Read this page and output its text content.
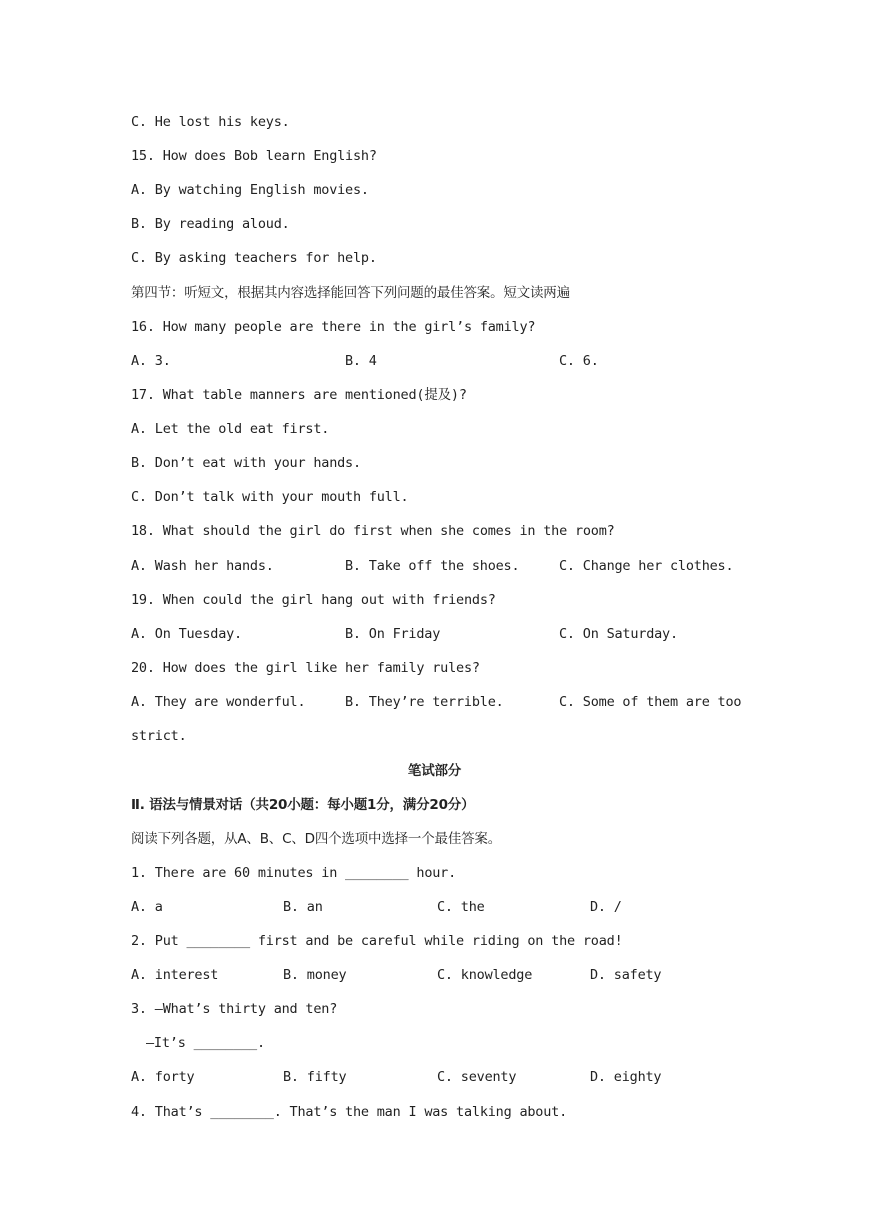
C. He lost his keys.
15. How does Bob learn English?
A. By watching English movies.
B. By reading aloud.
C. By asking teachers for help.
第四节：听短文，根据其内容选择能回答下列问题的最佳答案。短文读两遍
16. How many people are there in the girl’s family?
A. 3.	B. 4	C. 6.
17. What table manners are mentioned(提及)?
A. Let the old eat first.
B. Don’t eat with your hands.
C. Don’t talk with your mouth full.
18. What should the girl do first when she comes in the room?
A. Wash her hands.	B. Take off the shoes.	C. Change her clothes.
19. When could the girl hang out with friends?
A. On Tuesday.	B. On Friday	C. On Saturday.
20. How does the girl like her family rules?
A. They are wonderful.	B. They’re terrible.	C. Some of them are too
strict.
笔试部分
Ⅱ. 语法与情景对话（共20小题：每小题1分，满分20分）
阅读下列各题，从A、B、C、D四个选项中选择一个最佳答案。
1. There are 60 minutes in ________ hour.
A. a	B. an	C. the	D. /
2. Put ________ first and be careful while riding on the road!
A. interest	B. money	C. knowledge	D. safety
3. —What’s thirty and ten?
—It’s ________.
A. forty	B. fifty	C. seventy	D. eighty
4. That’s ________. That’s the man I was talking about.
